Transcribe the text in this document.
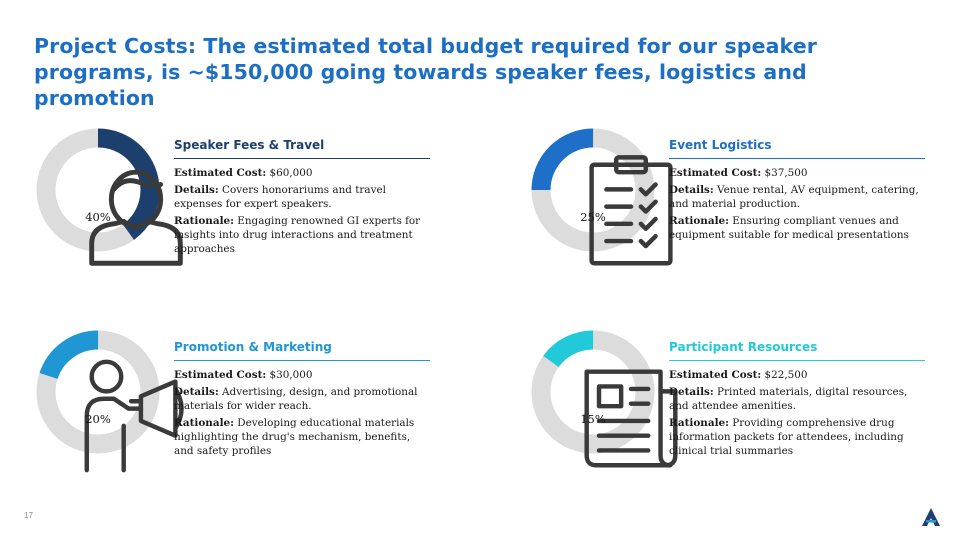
Project Costs: The estimated total budget required for our speaker programs, is ~$150,000 going towards speaker fees, logistics and promotion
40%
Speaker Fees & Travel

Estimated Cost: $60,000

Details: Covers honorariums and travel expenses for expert speakers.

Rationale: Engaging renowned GI experts for insights into drug interactions and treatment approaches

25%
Event Logistics

Estimated Cost: $37,500

Details: Venue rental, AV equipment, catering, and material production.

Rationale: Ensuring compliant venues and equipment suitable for medical presentations

20%
Promotion & Marketing

Estimated Cost: $30,000

Details: Advertising, design, and promotional materials for wider reach.

Rationale: Developing educational materials highlighting the drug's mechanism, benefits, and safety profiles

15%
Participant Resources

Estimated Cost: $22,500

Details: Printed materials, digital resources, and attendee amenities.

Rationale: Providing comprehensive drug information packets for attendees, including clinical trial summaries

17
